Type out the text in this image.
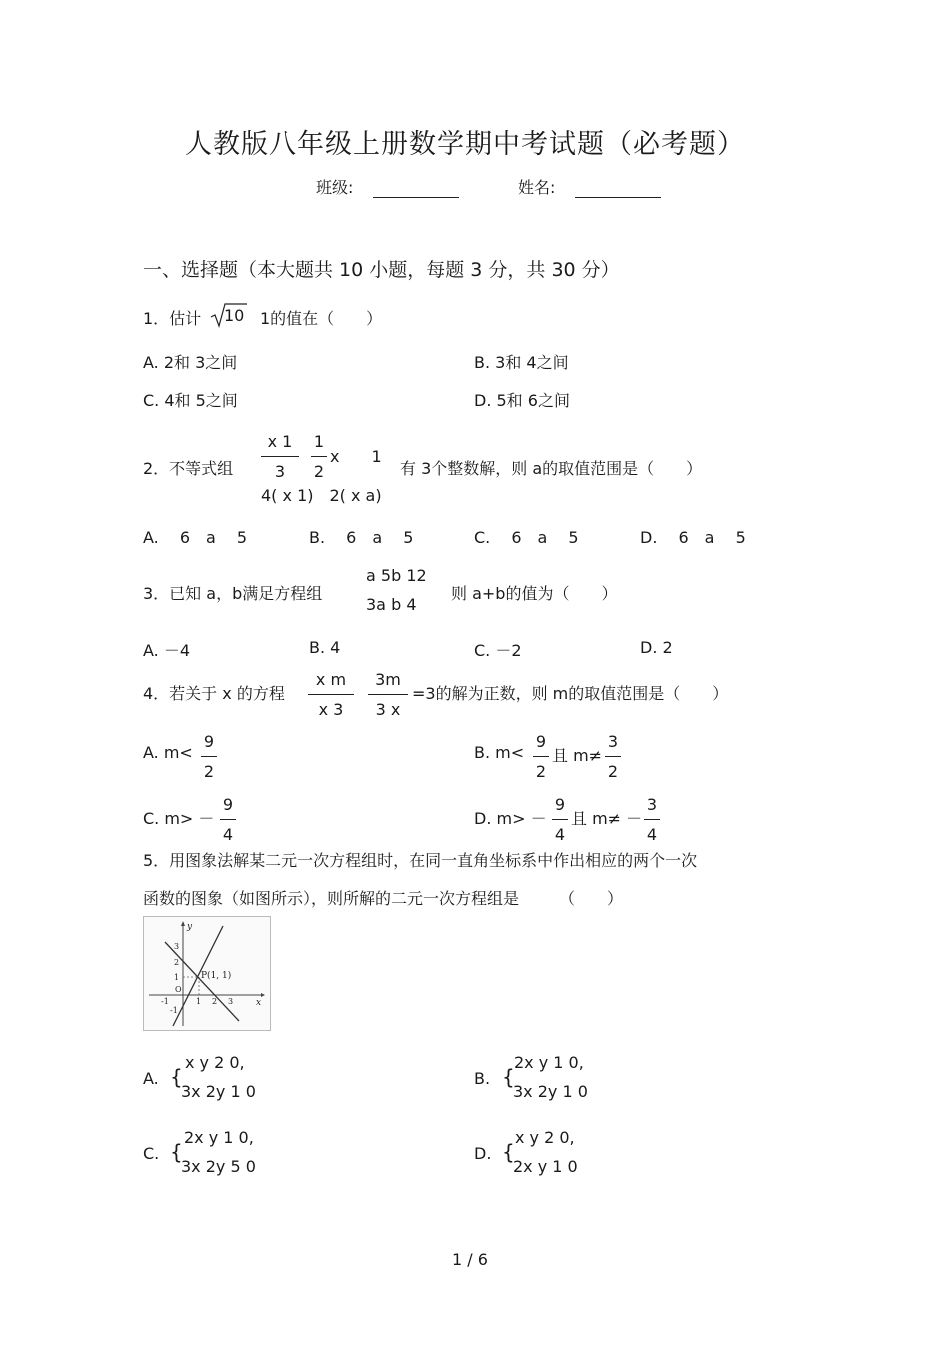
人教版八年级上册数学期中考试题（必考题）
班级:	姓名:
一、选择题（本大题共 10 小题，每题 3 分，共 30 分）
1．估计 10 1的值在（　　）
A. 2和 3之间	B. 3和 4之间
C. 4和 5之间	D. 5和 6之间
2．不等式组
x 1
3
1
2
x　　1
4( x 1)　2( x a)
有 3个整数解，则 a的取值范围是（　　）
A.　 6　a　 5	B.　 6　a　 5	C.　 6　a　 5	D.　 6　a　 5
3．已知 a，b满足方程组
a 5b 12
3a b 4
则 a+b的值为（　　）
A. －4	B. 4	C. －2	D. 2
4．若关于 x 的方程
x m
x 3
3m
3 x
=3的解为正数，则 m的取值范围是（　　）
A. m<
9
2
B. m<
9
2
且 m≠
3
2
C. m> －
9
4
D. m> －
9
4
且 m≠ －
3
4
5．用图象法解某二元一次方程组时，在同一直角坐标系中作出相应的两个一次
函数的图象（如图所示），则所解的二元一次方程组是　　　（　　）
P(1, 1)
x
y
O
-1	1 2 3
3
2
1
-1
A. {
x y 2 0,
3x 2y 1 0
B. {
2x y 1 0,
3x 2y 1 0
C. {
2x y 1 0,
3x 2y 5 0
D. {
x y 2 0,
2x y 1 0
1 / 6
